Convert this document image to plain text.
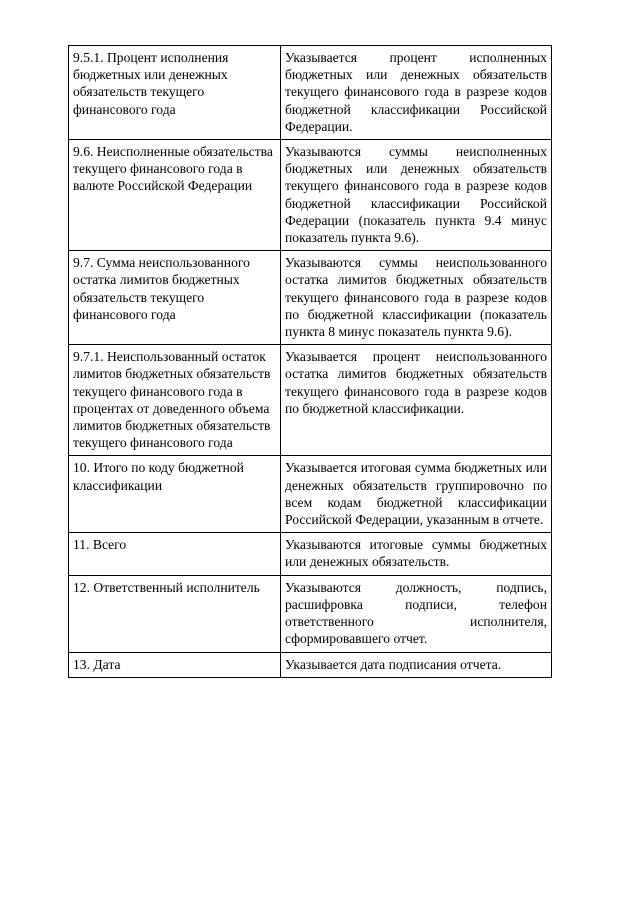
9.5.1. Процент исполнения бюджетных или денежных обязательств текущего финансового года	Указывается процент исполненных бюджетных или денежных обязательств текущего финансового года в разрезе кодов бюджетной классификации Российской Федерации.
9.6. Неисполненные обязательства текущего финансового года в валюте Российской Федерации	Указываются суммы неисполненных бюджетных или денежных обязательств текущего финансового года в разрезе кодов бюджетной классификации Российской Федерации (показатель пункта 9.4 минус показатель пункта 9.6).
9.7. Сумма неиспользованного остатка лимитов бюджетных обязательств текущего финансового года	Указываются суммы неиспользованного остатка лимитов бюджетных обязательств текущего финансового года в разрезе кодов по бюджетной классификации (показатель пункта 8 минус показатель пункта 9.6).
9.7.1. Неиспользованный остаток лимитов бюджетных обязательств текущего финансового года в процентах от доведенного объема лимитов бюджетных обязательств текущего финансового года	Указывается процент неиспользованного остатка лимитов бюджетных обязательств текущего финансового года в разрезе кодов по бюджетной классификации.
10. Итого по коду бюджетной классификации	Указывается итоговая сумма бюджетных или денежных обязательств группировочно по всем кодам бюджетной классификации Российской Федерации, указанным в отчете.
11. Всего	Указываются итоговые суммы бюджетных или денежных обязательств.
12. Ответственный исполнитель	Указываются должность, подпись, расшифровка подписи, телефон ответственного исполнителя, сформировавшего отчет.
13. Дата	Указывается дата подписания отчета.
